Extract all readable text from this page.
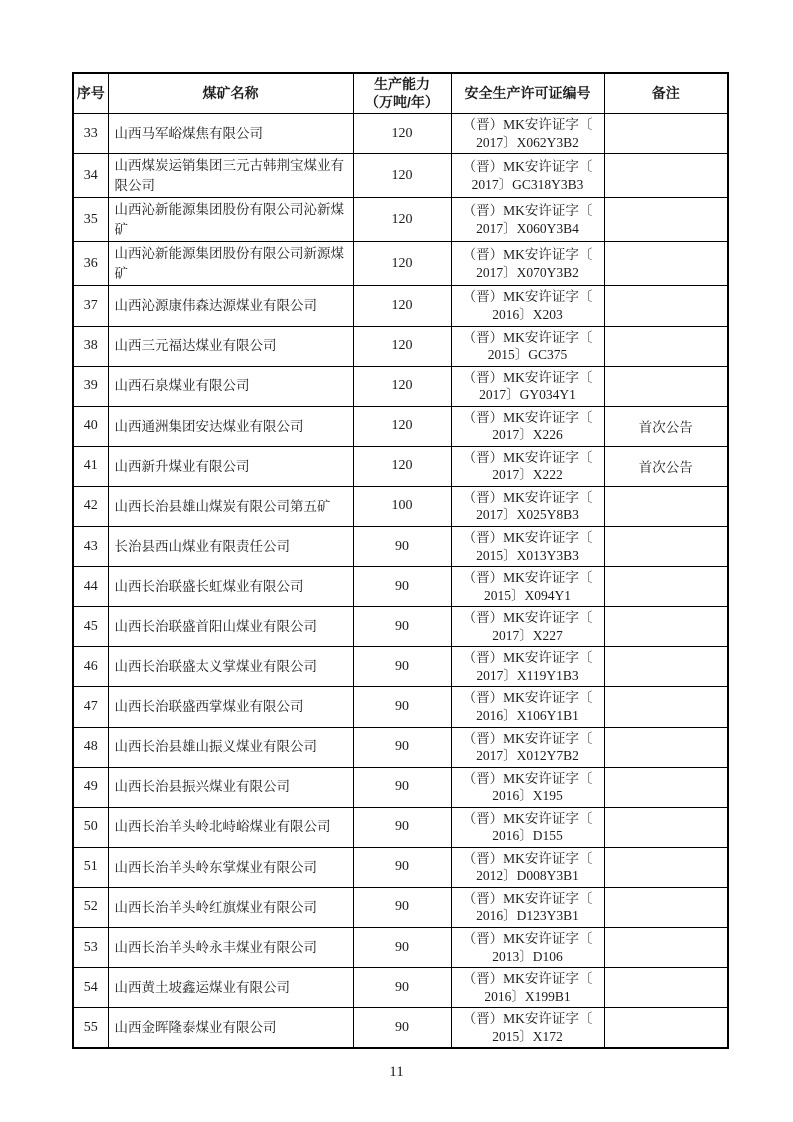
序号	煤矿名称	生产能力
（万吨/年）	安全生产许可证编号	备注
33	山西马军峪煤焦有限公司	120	（晋）MK安许证字〔
2017〕X062Y3B2	

34	山西煤炭运销集团三元古韩荆宝煤业有限公司	120	（晋）MK安许证字〔
2017〕GC318Y3B3	

35	山西沁新能源集团股份有限公司沁新煤矿	120	（晋）MK安许证字〔
2017〕X060Y3B4	

36	山西沁新能源集团股份有限公司新源煤矿	120	（晋）MK安许证字〔
2017〕X070Y3B2	

37	山西沁源康伟森达源煤业有限公司	120	（晋）MK安许证字〔
2016〕X203	

38	山西三元福达煤业有限公司	120	（晋）MK安许证字〔
2015〕GC375	

39	山西石泉煤业有限公司	120	（晋）MK安许证字〔
2017〕GY034Y1	

40	山西通洲集团安达煤业有限公司	120	（晋）MK安许证字〔
2017〕X226	首次公告
41	山西新升煤业有限公司	120	（晋）MK安许证字〔
2017〕X222	首次公告
42	山西长治县雄山煤炭有限公司第五矿	100	（晋）MK安许证字〔
2017〕X025Y8B3	

43	长治县西山煤业有限责任公司	90	（晋）MK安许证字〔
2015〕X013Y3B3	

44	山西长治联盛长虹煤业有限公司	90	（晋）MK安许证字〔
2015〕X094Y1	

45	山西长治联盛首阳山煤业有限公司	90	（晋）MK安许证字〔
2017〕X227	

46	山西长治联盛太义掌煤业有限公司	90	（晋）MK安许证字〔
2017〕X119Y1B3	

47	山西长治联盛西掌煤业有限公司	90	（晋）MK安许证字〔
2016〕X106Y1B1	

48	山西长治县雄山振义煤业有限公司	90	（晋）MK安许证字〔
2017〕X012Y7B2	

49	山西长治县振兴煤业有限公司	90	（晋）MK安许证字〔
2016〕X195	

50	山西长治羊头岭北峙峪煤业有限公司	90	（晋）MK安许证字〔
2016〕D155	

51	山西长治羊头岭东掌煤业有限公司	90	（晋）MK安许证字〔
2012〕D008Y3B1	

52	山西长治羊头岭红旗煤业有限公司	90	（晋）MK安许证字〔
2016〕D123Y3B1	

53	山西长治羊头岭永丰煤业有限公司	90	（晋）MK安许证字〔
2013〕D106	

54	山西黄土坡鑫运煤业有限公司	90	（晋）MK安许证字〔
2016〕X199B1	

55	山西金晖隆泰煤业有限公司	90	（晋）MK安许证字〔
2015〕X172	

11
